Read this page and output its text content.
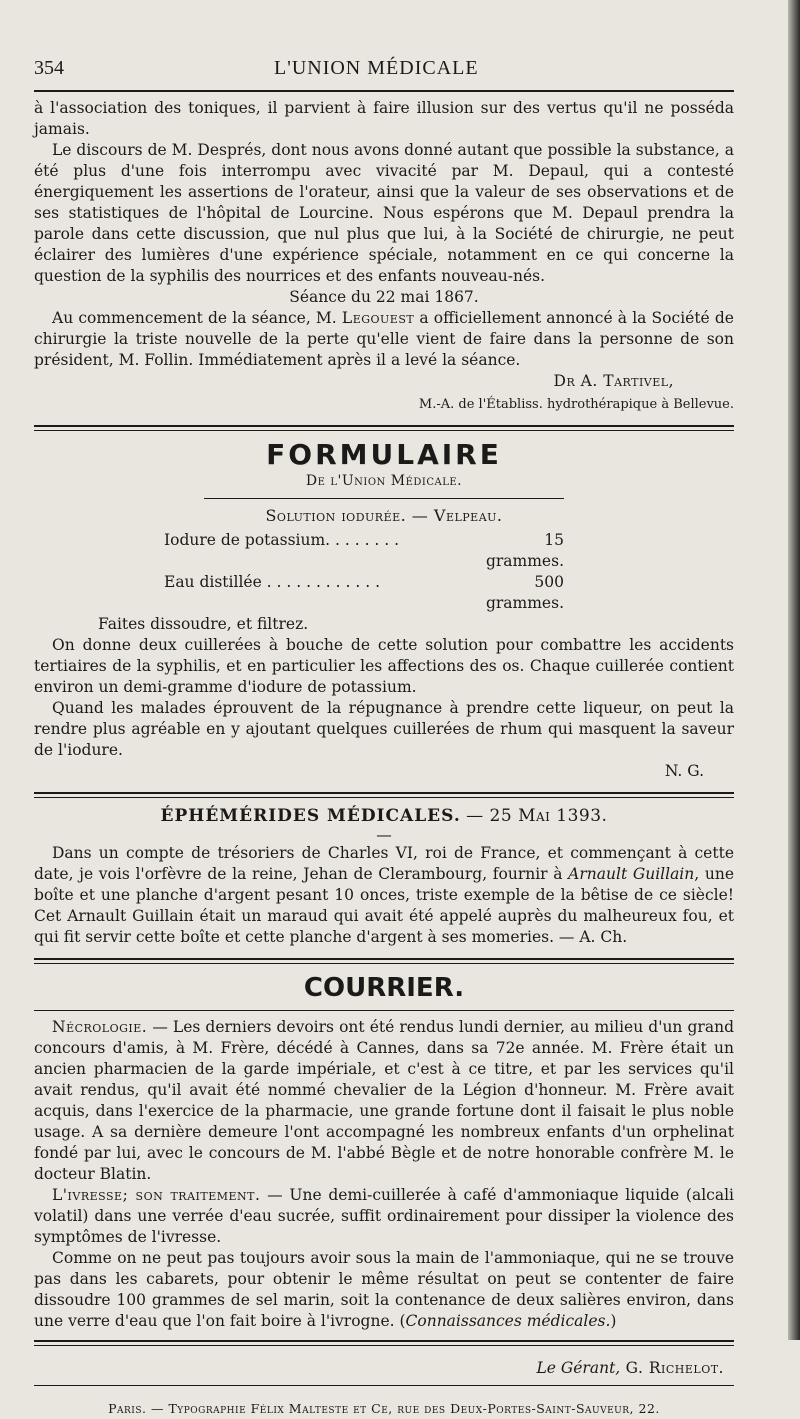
354	L'UNION MÉDICALE

à l'association des toniques, il parvient à faire illusion sur des vertus qu'il ne posséda jamais.

Le discours de M. Després, dont nous avons donné autant que possible la substance, a été plus d'une fois interrompu avec vivacité par M. Depaul, qui a contesté énergiquement les assertions de l'orateur, ainsi que la valeur de ses observations et de ses statistiques de l'hôpital de Lourcine. Nous espérons que M. Depaul prendra la parole dans cette discussion, que nul plus que lui, à la Société de chirurgie, ne peut éclairer des lumières d'une expérience spéciale, notamment en ce qui concerne la question de la syphilis des nourrices et des enfants nouveau-nés.

Séance du 22 mai 1867.

Au commencement de la séance, M. Legouest a officiellement annoncé à la Société de chirurgie la triste nouvelle de la perte qu'elle vient de faire dans la personne de son président, M. Follin. Immédiatement après il a levé la séance.

Dr A. Tartivel,

M.-A. de l'Établiss. hydrothérapique à Bellevue.

FORMULAIRE
De l'Union Médicale.
Solution iodurée. — Velpeau.
Iodure de potassium. . . . . . . .	15 grammes.
Eau distillée . . . . . . . . . . . .	500 grammes.

Faites dissoudre, et filtrez.

On donne deux cuillerées à bouche de cette solution pour combattre les accidents tertiaires de la syphilis, et en particulier les affections des os. Chaque cuillerée contient environ un demi-gramme d'iodure de potassium.

Quand les malades éprouvent de la répugnance à prendre cette liqueur, on peut la rendre plus agréable en y ajoutant quelques cuillerées de rhum qui masquent la saveur de l'iodure.

N. G.

ÉPHÉMÉRIDES MÉDICALES. — 25 Mai 1393.

—

Dans un compte de trésoriers de Charles VI, roi de France, et commençant à cette date, je vois l'orfèvre de la reine, Jehan de Clerambourg, fournir à Arnault Guillain, une boîte et une planche d'argent pesant 10 onces, triste exemple de la bêtise de ce siècle! Cet Arnault Guillain était un maraud qui avait été appelé auprès du malheureux fou, et qui fit servir cette boîte et cette planche d'argent à ses momeries. — A. Ch.

COURRIER.

Nécrologie. — Les derniers devoirs ont été rendus lundi dernier, au milieu d'un grand concours d'amis, à M. Frère, décédé à Cannes, dans sa 72e année. M. Frère était un ancien pharmacien de la garde impériale, et c'est à ce titre, et par les services qu'il avait rendus, qu'il avait été nommé chevalier de la Légion d'honneur. M. Frère avait acquis, dans l'exercice de la pharmacie, une grande fortune dont il faisait le plus noble usage. A sa dernière demeure l'ont accompagné les nombreux enfants d'un orphelinat fondé par lui, avec le concours de M. l'abbé Bègle et de notre honorable confrère M. le docteur Blatin.

L'ivresse; son traitement. — Une demi-cuillerée à café d'ammoniaque liquide (alcali volatil) dans une verrée d'eau sucrée, suffit ordinairement pour dissiper la violence des symptômes de l'ivresse.

Comme on ne peut pas toujours avoir sous la main de l'ammoniaque, qui ne se trouve pas dans les cabarets, pour obtenir le même résultat on peut se contenter de faire dissoudre 100 grammes de sel marin, soit la contenance de deux salières environ, dans une verre d'eau que l'on fait boire à l'ivrogne. (Connaissances médicales.)

Le Gérant, G. Richelot.
Paris. — Typographie Félix Malteste et Ce, rue des Deux-Portes-Saint-Sauveur, 22.
